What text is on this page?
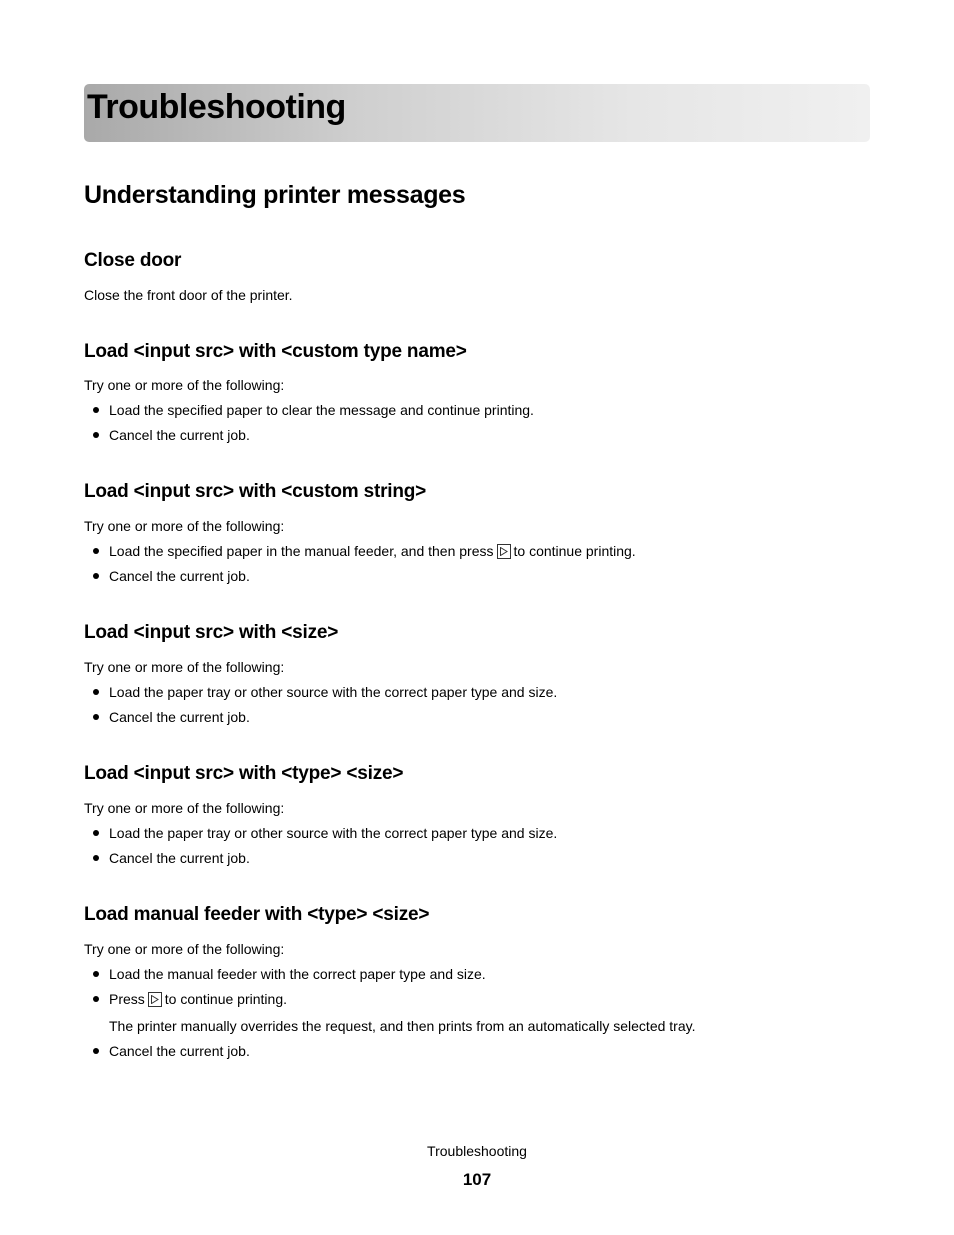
Troubleshooting
Understanding printer messages
Close door
Close the front door of the printer.
Load <input src> with <custom type name>
Try one or more of the following:
Load the specified paper to clear the message and continue printing.
Cancel the current job.
Load <input src> with <custom string>
Try one or more of the following:
Load the specified paper in the manual feeder, and then press to continue printing.
Cancel the current job.
Load <input src> with <size>
Try one or more of the following:
Load the paper tray or other source with the correct paper type and size.
Cancel the current job.
Load <input src> with <type> <size>
Try one or more of the following:
Load the paper tray or other source with the correct paper type and size.
Cancel the current job.
Load manual feeder with <type> <size>
Try one or more of the following:
Load the manual feeder with the correct paper type and size.
Press to continue printing.
The printer manually overrides the request, and then prints from an automatically selected tray.
Cancel the current job.
Troubleshooting
107
